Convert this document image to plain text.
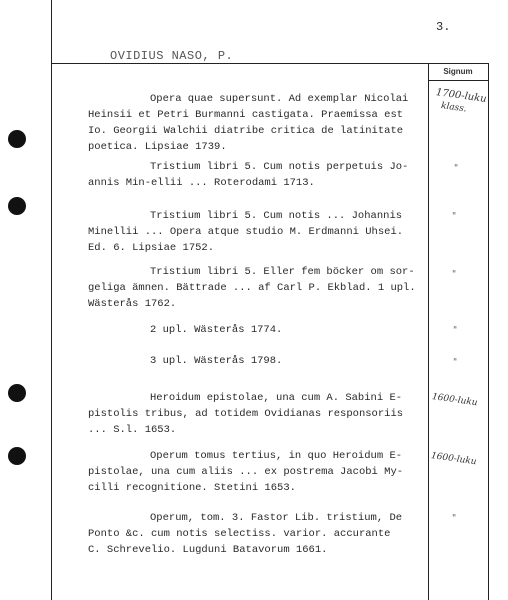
3.
OVIDIUS NASO, P.
Signum
Opera quae supersunt. Ad exemplar Nicolai
Heinsii et Petri Burmanni castigata. Praemissa est
Io. Georgii Walchii diatribe critica de latinitate
poetica. Lipsiae 1739.
1700-luku
klass.
Tristium libri 5. Cum notis perpetuis Jo-
annis Min-ellii ... Roterodami 1713.
"
Tristium libri 5. Cum notis ... Johannis
Minellii ... Opera atque studio M. Erdmanni Uhsei.
Ed. 6. Lipsiae 1752.
"
Tristium libri 5. Eller fem böcker om sor-
geliga ämnen. Bättrade ... af Carl P. Ekblad. 1 upl.
Wästerås 1762.
"
2 upl. Wästerås 1774.	"
3 upl. Wästerås 1798.	"
Heroidum epistolae, una cum A. Sabini E-
pistolis tribus, ad totidem Ovidianas responsoriis
... S.l. 1653.
1600-luku
Operum tomus tertius, in quo Heroidum E-
pistolae, una cum aliis ... ex postrema Jacobi My-
cilli recognitione. Stetini 1653.
1600-luku
Operum, tom. 3. Fastor Lib. tristium, De
Ponto &c. cum notis selectiss. varior. accurante
C. Schrevelio. Lugduni Batavorum 1661.
"
